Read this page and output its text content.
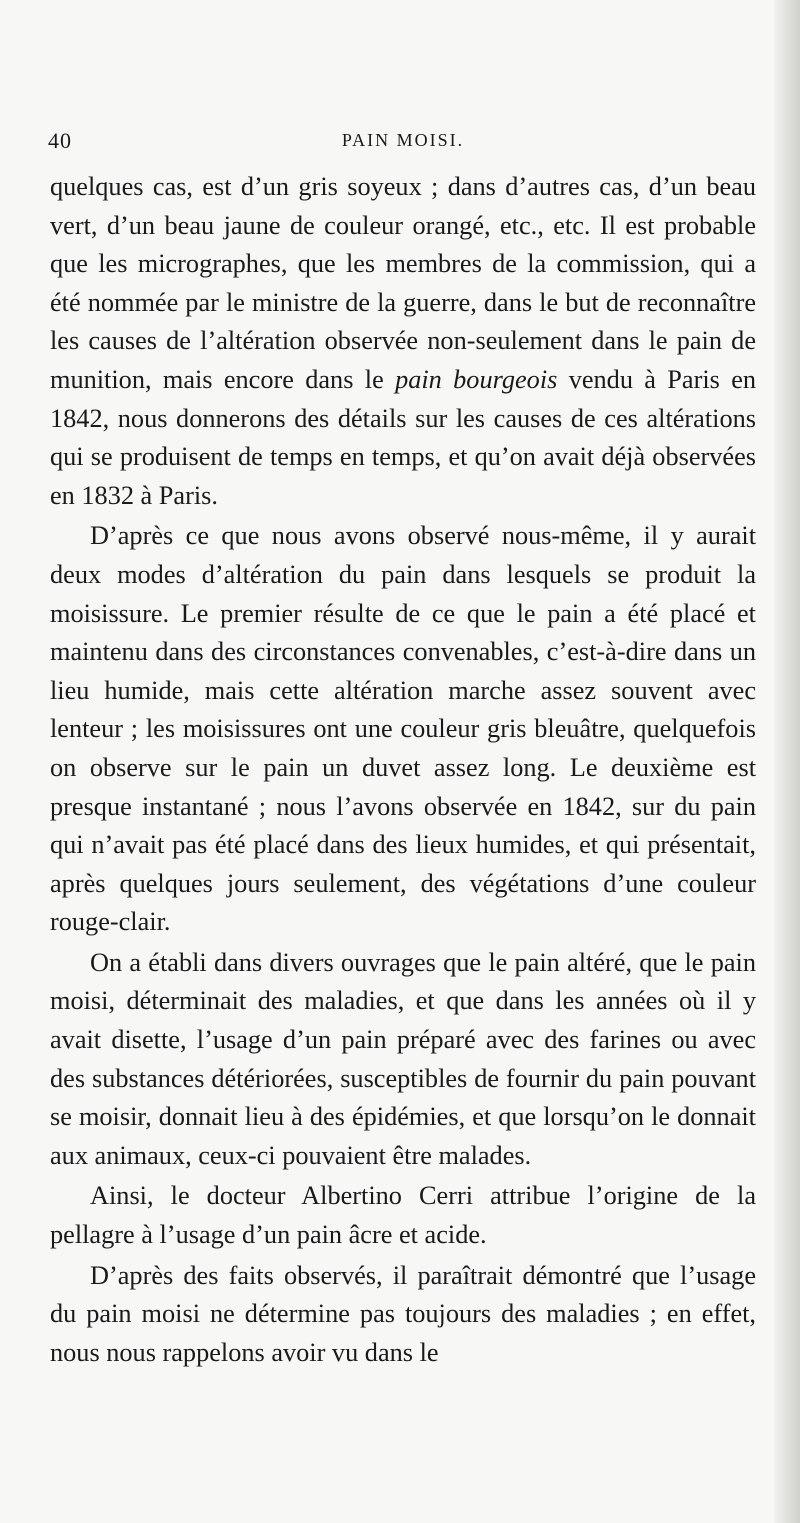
40	PAIN MOISI.

quelques cas, est d’un gris soyeux ; dans d’autres cas, d’un beau vert, d’un beau jaune de couleur orangé, etc., etc. Il est probable que les micrographes, que les membres de la commission, qui a été nommée par le ministre de la guerre, dans le but de reconnaître les causes de l’altération observée non-seulement dans le pain de munition, mais encore dans le pain bourgeois vendu à Paris en 1842, nous donnerons des détails sur les causes de ces altérations qui se produisent de temps en temps, et qu’on avait déjà observées en 1832 à Paris.

D’après ce que nous avons observé nous-même, il y aurait deux modes d’altération du pain dans lesquels se produit la moisissure. Le premier résulte de ce que le pain a été placé et maintenu dans des circonstances convenables, c’est-à-dire dans un lieu humide, mais cette altération marche assez souvent avec lenteur ; les moisissures ont une couleur gris bleuâtre, quelquefois on observe sur le pain un duvet assez long. Le deuxième est presque instantané ; nous l’avons observée en 1842, sur du pain qui n’avait pas été placé dans des lieux humides, et qui présentait, après quelques jours seulement, des végétations d’une couleur rouge-clair.

On a établi dans divers ouvrages que le pain altéré, que le pain moisi, déterminait des maladies, et que dans les années où il y avait disette, l’usage d’un pain préparé avec des farines ou avec des substances détériorées, susceptibles de fournir du pain pouvant se moisir, donnait lieu à des épidémies, et que lorsqu’on le donnait aux animaux, ceux-ci pouvaient être malades.

Ainsi, le docteur Albertino Cerri attribue l’origine de la pellagre à l’usage d’un pain âcre et acide.

D’après des faits observés, il paraîtrait démontré que l’usage du pain moisi ne détermine pas toujours des maladies ; en effet, nous nous rappelons avoir vu dans le
